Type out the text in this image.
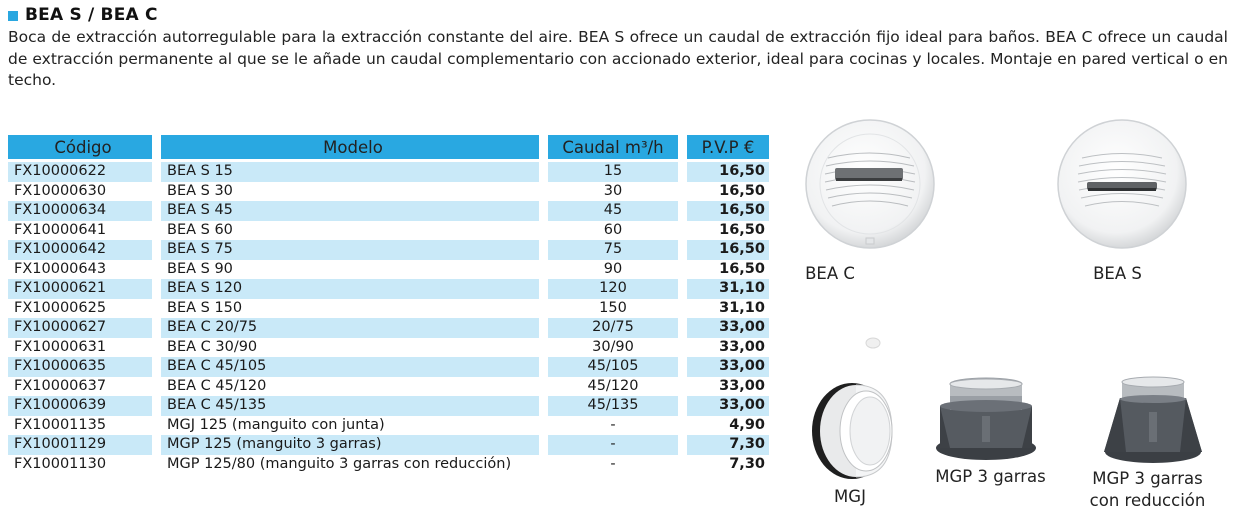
BEA S / BEA C
Boca de extracción autorregulable para la extracción constante del aire. BEA S ofrece un caudal de extracción fijo ideal para baños. BEA C ofrece un caudal de extracción permanente al que se le añade un caudal complementario con accionado exterior, ideal para cocinas y locales. Montaje en pared vertical o en techo.
Código		Modelo		Caudal m³/h		P.V.P €
FX10000622		BEA S 15		15		16,50
FX10000630		BEA S 30		30		16,50
FX10000634		BEA S 45		45		16,50
FX10000641		BEA S 60		60		16,50
FX10000642		BEA S 75		75		16,50
FX10000643		BEA S 90		90		16,50
FX10000621		BEA S 120		120		31,10
FX10000625		BEA S 150		150		31,10
FX10000627		BEA C 20/75		20/75		33,00
FX10000631		BEA C 30/90		30/90		33,00
FX10000635		BEA C 45/105		45/105		33,00
FX10000637		BEA C 45/120		45/120		33,00
FX10000639		BEA C 45/135		45/135		33,00
FX10001135		MGJ 125 (manguito con junta)		-		4,90
FX10001129		MGP 125 (manguito 3 garras)		-		7,30
FX10001130		MGP 125/80 (manguito 3 garras con reducción)		-		7,30
BEA C	BEA S
MGJ
MGP 3 garras	MGP 3 garras
con reducción
